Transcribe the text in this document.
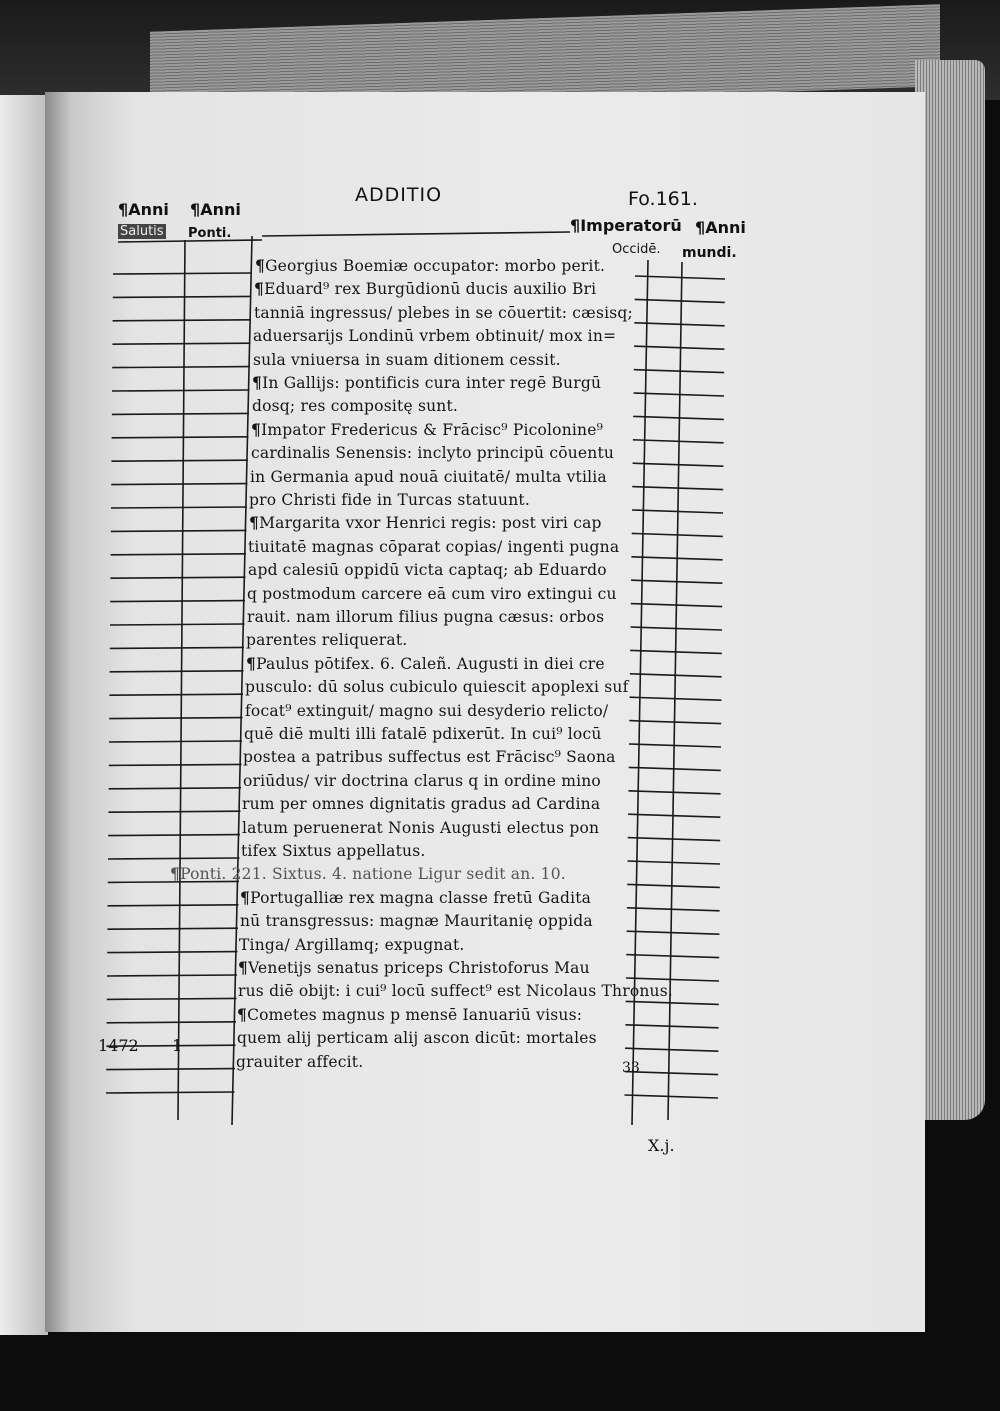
ADDITIO	Fo.161.
¶Anni
Salutis
¶Anni
Ponti.	¶Imperatorū
Occidē.
¶Anni
mundi.
¶Georgius Boemiæ occupator: morbo perit.
¶Eduard⁹ rex Burgūdionū ducis auxilio Bri
tanniā ingressus/ plebes in se cōuertit: cæsisq;
aduersarijs Londinū vrbem obtinuit/ mox in=
sula vniuersa in suam ditionem cessit.
¶In Gallijs: pontificis cura inter regē Burgū
dosq; res compositę sunt.
¶Impator Fredericus & Frācisc⁹ Picolonine⁹
cardinalis Senensis: inclyto principū cōuentu
in Germania apud nouā ciuitatē/ multa vtilia
pro Christi fide in Turcas statuunt.
¶Margarita vxor Henrici regis: post viri cap
tiuitatē magnas cōparat copias/ ingenti pugna
apd calesiū oppidū victa captaq; ab Eduardo
q postmodum carcere eā cum viro extingui cu
rauit. nam illorum filius pugna cæsus: orbos
parentes reliquerat.
¶Paulus pōtifex. 6. Caleñ. Augusti in diei cre
pusculo: dū solus cubiculo quiescit apoplexi suf
focat⁹ extinguit/ magno sui desyderio relicto/
quē diē multi illi fatalē pdixerūt. In cui⁹ locū
postea a patribus suffectus est Frācisc⁹ Saona
oriūdus/ vir doctrina clarus q in ordine mino
rum per omnes dignitatis gradus ad Cardina
latum peruenerat Nonis Augusti electus pon
tifex Sixtus appellatus.
¶Ponti. 221. Sixtus. 4. natione Ligur sedit an. 10.
¶Portugalliæ rex magna classe fretū Gadita
nū transgressus: magnæ Mauritanię oppida
Tinga/ Argillamq; expugnat.
¶Venetijs senatus priceps Christoforus Mau
rus diē obijt: i cui⁹ locū suffect⁹ est Nicolaus Thronus.
¶Cometes magnus p mensē Ianuariū visus:
quem alij perticam alij ascon dicūt: mortales
grauiter affecit.
1472 1
33
X.j.
